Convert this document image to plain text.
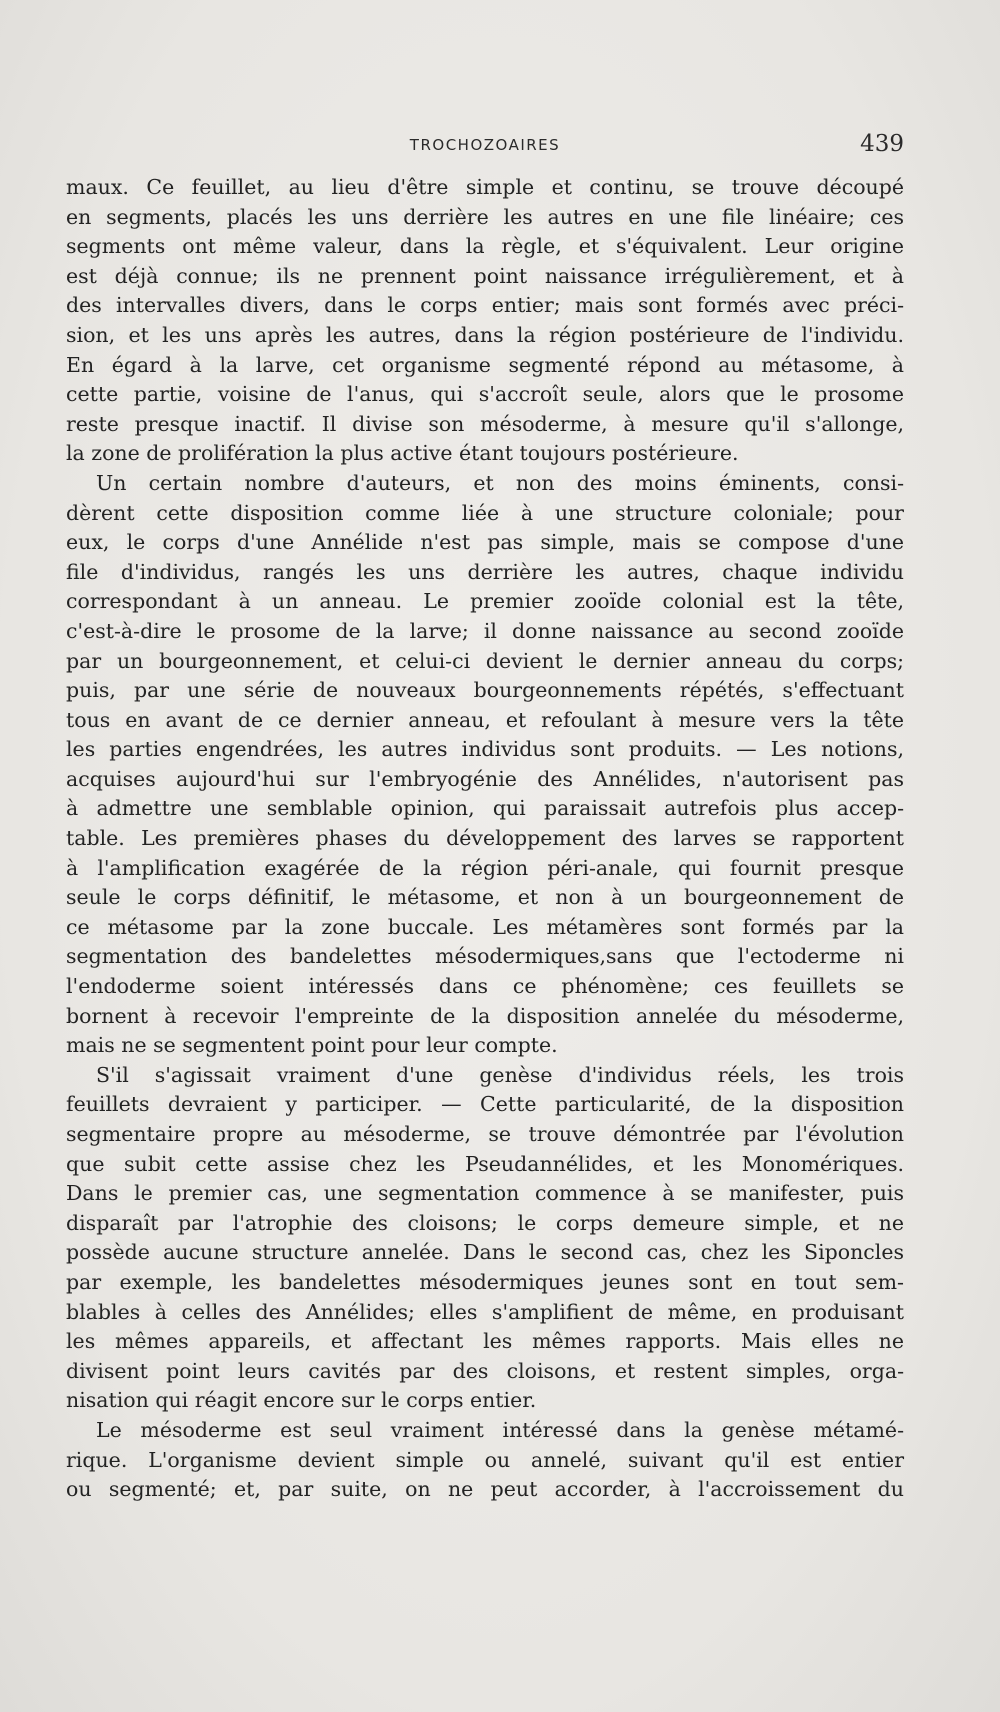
TROCHOZOAIRES	439
maux. Ce feuillet, au lieu d'être simple et continu, se trouve découpé
en segments, placés les uns derrière les autres en une file linéaire; ces
segments ont même valeur, dans la règle, et s'équivalent. Leur origine
est déjà connue; ils ne prennent point naissance irrégulièrement, et à
des intervalles divers, dans le corps entier; mais sont formés avec préci-
sion, et les uns après les autres, dans la région postérieure de l'individu.
En égard à la larve, cet organisme segmenté répond au métasome, à
cette partie, voisine de l'anus, qui s'accroît seule, alors que le prosome
reste presque inactif. Il divise son mésoderme, à mesure qu'il s'allonge,
la zone de prolifération la plus active étant toujours postérieure.
Un certain nombre d'auteurs, et non des moins éminents, consi-
dèrent cette disposition comme liée à une structure coloniale; pour
eux, le corps d'une Annélide n'est pas simple, mais se compose d'une
file d'individus, rangés les uns derrière les autres, chaque individu
correspondant à un anneau. Le premier zooïde colonial est la tête,
c'est-à-dire le prosome de la larve; il donne naissance au second zooïde
par un bourgeonnement, et celui-ci devient le dernier anneau du corps;
puis, par une série de nouveaux bourgeonnements répétés, s'effectuant
tous en avant de ce dernier anneau, et refoulant à mesure vers la tête
les parties engendrées, les autres individus sont produits. — Les notions,
acquises aujourd'hui sur l'embryogénie des Annélides, n'autorisent pas
à admettre une semblable opinion, qui paraissait autrefois plus accep-
table. Les premières phases du développement des larves se rapportent
à l'amplification exagérée de la région péri-anale, qui fournit presque
seule le corps définitif, le métasome, et non à un bourgeonnement de
ce métasome par la zone buccale. Les métamères sont formés par la
segmentation des bandelettes mésodermiques,sans que l'ectoderme ni
l'endoderme soient intéressés dans ce phénomène; ces feuillets se
bornent à recevoir l'empreinte de la disposition annelée du mésoderme,
mais ne se segmentent point pour leur compte.
S'il s'agissait vraiment d'une genèse d'individus réels, les trois
feuillets devraient y participer. — Cette particularité, de la disposition
segmentaire propre au mésoderme, se trouve démontrée par l'évolution
que subit cette assise chez les Pseudannélides, et les Monomériques.
Dans le premier cas, une segmentation commence à se manifester, puis
disparaît par l'atrophie des cloisons; le corps demeure simple, et ne
possède aucune structure annelée. Dans le second cas, chez les Siponcles
par exemple, les bandelettes mésodermiques jeunes sont en tout sem-
blables à celles des Annélides; elles s'amplifient de même, en produisant
les mêmes appareils, et affectant les mêmes rapports. Mais elles ne
divisent point leurs cavités par des cloisons, et restent simples, orga-
nisation qui réagit encore sur le corps entier.
Le mésoderme est seul vraiment intéressé dans la genèse métamé-
rique. L'organisme devient simple ou annelé, suivant qu'il est entier
ou segmenté; et, par suite, on ne peut accorder, à l'accroissement du
